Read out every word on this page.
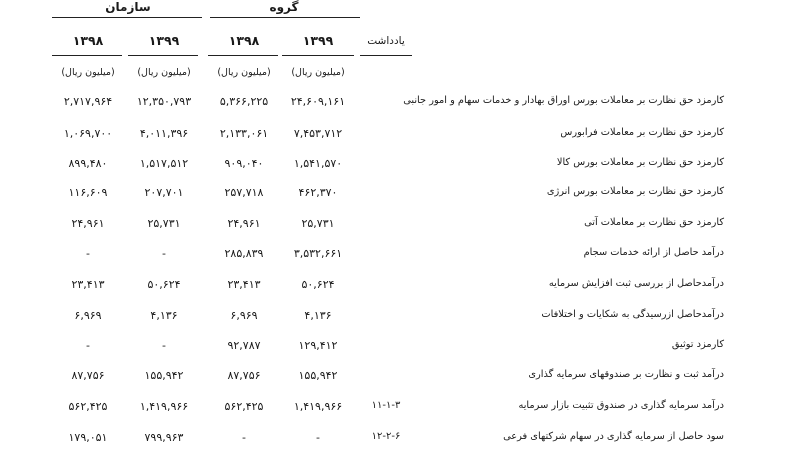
سازمان	گروه
۱۳۹۸	۱۳۹۹	۱۳۹۸	۱۳۹۹	یادداشت
(میلیون ریال)	(میلیون ریال)	(میلیون ریال)	(میلیون ریال)
۲,۷۱۷,۹۶۴	۱۲,۳۵۰,۷۹۳	۵,۳۶۶,۲۲۵	۲۴,۶۰۹,۱۶۱	کارمزد حق نظارت بر معاملات بورس اوراق بهادار و خدمات سهام و امور جانبی
۱,۰۶۹,۷۰۰	۴,۰۱۱,۳۹۶	۲,۱۳۳,۰۶۱	۷,۴۵۳,۷۱۲	کارمزد حق نظارت بر معاملات فرابورس
۸۹۹,۴۸۰	۱,۵۱۷,۵۱۲	۹۰۹,۰۴۰	۱,۵۴۱,۵۷۰	کارمزد حق نظارت بر معاملات بورس کالا
۱۱۶,۶۰۹	۲۰۷,۷۰۱	۲۵۷,۷۱۸	۴۶۲,۳۷۰	کارمزد حق نظارت بر معاملات بورس انرژی
۲۴,۹۶۱	۲۵,۷۳۱	۲۴,۹۶۱	۲۵,۷۳۱	کارمزد حق نظارت بر معاملات آتی
-	-	۲۸۵,۸۳۹	۳,۵۳۲,۶۶۱	درآمد حاصل از ارائه خدمات سجام
۲۳,۴۱۳	۵۰,۶۲۴	۲۳,۴۱۳	۵۰,۶۲۴	درآمدحاصل از بررسی ثبت افزایش سرمایه
۶,۹۶۹	۴,۱۳۶	۶,۹۶۹	۴,۱۳۶	درآمدحاصل ازرسیدگی به شکایات و اختلافات
-	-	۹۲,۷۸۷	۱۲۹,۴۱۲	کارمزد توثیق
۸۷,۷۵۶	۱۵۵,۹۴۲	۸۷,۷۵۶	۱۵۵,۹۴۲	درآمد ثبت و نظارت بر صندوقهای سرمایه گذاری
۵۶۲,۴۲۵	۱,۴۱۹,۹۶۶	۵۶۲,۴۲۵	۱,۴۱۹,۹۶۶	۱۱-۱-۳	درآمد سرمایه گذاری در صندوق تثبیت بازار سرمایه
۱۷۹,۰۵۱	۷۹۹,۹۶۳	-	-	۱۲-۲-۶	سود حاصل از سرمایه گذاری در سهام شرکتهای فرعی
